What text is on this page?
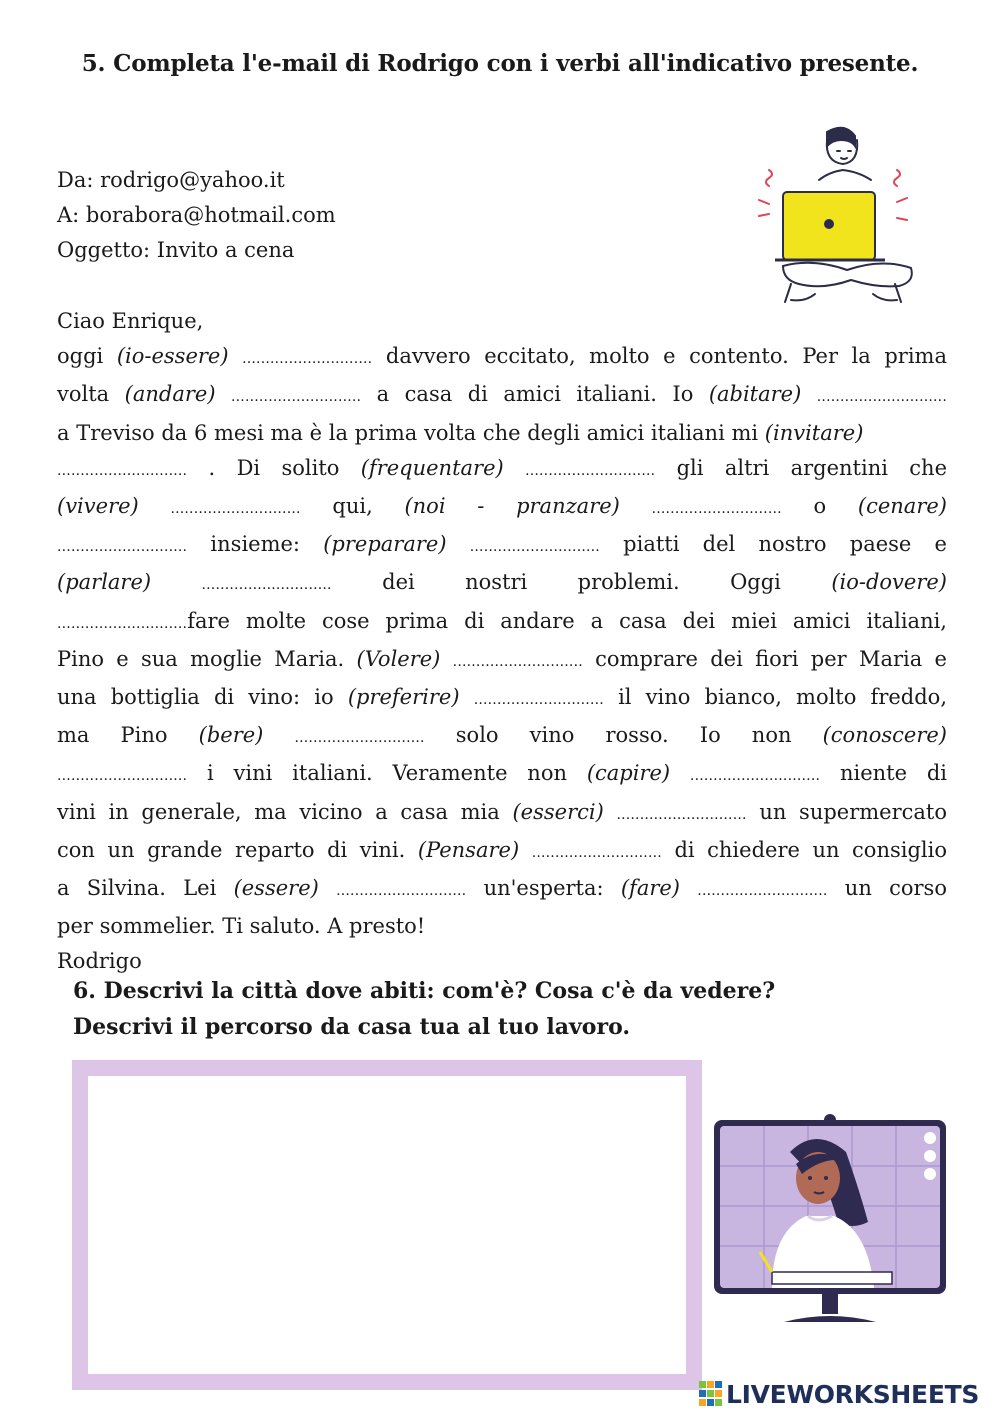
5. Completa l'e-mail di Rodrigo con i verbi all'indicativo presente.
Da: rodrigo@yahoo.it
A: borabora@hotmail.com
Oggetto: Invito a cena
Ciao Enrique,
oggi (io-essere) ............................ davvero eccitato, molto e contento. Per la prima
volta (andare) ............................ a casa di amici italiani. Io (abitare) ............................
a Treviso da 6 mesi ma è la prima volta che degli amici italiani mi (invitare)
............................ . Di solito (frequentare) ............................ gli altri argentini che
(vivere) ............................ qui, (noi - pranzare) ............................ o (cenare)
............................ insieme: (preparare) ............................ piatti del nostro paese e
(parlare)	............................ dei nostri problemi. Oggi (io-dovere)
............................fare molte cose prima di andare a casa dei miei amici italiani,
Pino e sua moglie Maria. (Volere) ............................ comprare dei fiori per Maria e
una bottiglia di vino: io (preferire) ............................ il vino bianco, molto freddo,
ma Pino (bere) ............................ solo vino rosso. Io non (conoscere)
............................ i vini italiani. Veramente non (capire) ............................ niente di
vini in generale, ma vicino a casa mia (esserci) ............................ un supermercato
con un grande reparto di vini. (Pensare) ............................ di chiedere un consiglio
a Silvina. Lei (essere) ............................ un'esperta: (fare) ............................ un corso
per sommelier. Ti saluto. A presto!
Rodrigo
6. Descrivi la città dove abiti: com'è? Cosa c'è da vedere?
Descrivi il percorso da casa tua al tuo lavoro.
LIVEWORKSHEETS
